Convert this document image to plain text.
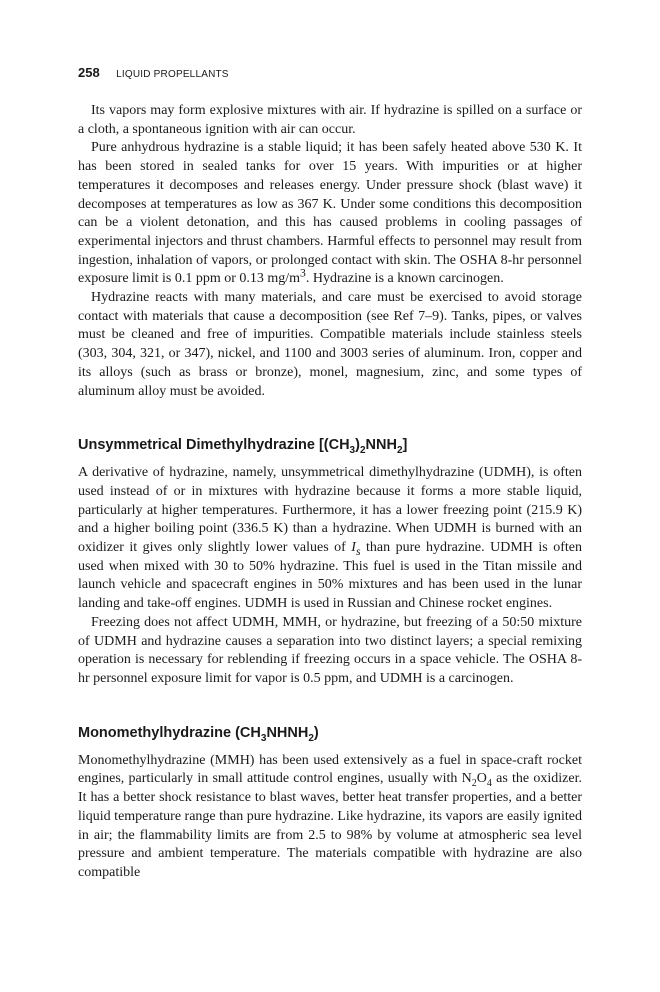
258 LIQUID PROPELLANTS

Its vapors may form explosive mixtures with air. If hydrazine is spilled on a surface or a cloth, a spontaneous ignition with air can occur.

Pure anhydrous hydrazine is a stable liquid; it has been safely heated above 530 K. It has been stored in sealed tanks for over 15 years. With impurities or at higher temperatures it decomposes and releases energy. Under pressure shock (blast wave) it decomposes at temperatures as low as 367 K. Under some conditions this decomposition can be a violent detonation, and this has caused problems in cooling passages of experimental injectors and thrust chambers. Harmful effects to personnel may result from ingestion, inhalation of vapors, or prolonged contact with skin. The OSHA 8-hr personnel exposure limit is 0.1 ppm or 0.13 $mg/m^3$. Hydrazine is a known carcinogen.

Hydrazine reacts with many materials, and care must be exercised to avoid storage contact with materials that cause a decomposition (see Ref 7–9). Tanks, pipes, or valves must be cleaned and free of impurities. Compatible materials include stainless steels (303, 304, 321, or 347), nickel, and 1100 and 3003 series of aluminum. Iron, copper and its alloys (such as brass or bronze), monel, magnesium, zinc, and some types of aluminum alloy must be avoided.

Unsymmetrical Dimethylhydrazine $[(CH_3)_2NNH_2]$

A derivative of hydrazine, namely, unsymmetrical dimethylhydrazine (UDMH), is often used instead of or in mixtures with hydrazine because it forms a more stable liquid, particularly at higher temperatures. Furthermore, it has a lower freezing point (215.9 K) and a higher boiling point (336.5 K) than a hydrazine. When UDMH is burned with an oxidizer it gives only slightly lower values of $I_s$ than pure hydrazine. UDMH is often used when mixed with 30 to 50% hydrazine. This fuel is used in the Titan missile and launch vehicle and spacecraft engines in 50% mixtures and has been used in the lunar landing and take-off engines. UDMH is used in Russian and Chinese rocket engines.

Freezing does not affect UDMH, MMH, or hydrazine, but freezing of a 50:50 mixture of UDMH and hydrazine causes a separation into two distinct layers; a special remixing operation is necessary for reblending if freezing occurs in a space vehicle. The OSHA 8-hr personnel exposure limit for vapor is 0.5 ppm, and UDMH is a carcinogen.

Monomethylhydrazine $(CH_3NHNH_2)$

Monomethylhydrazine (MMH) has been used extensively as a fuel in space-craft rocket engines, particularly in small attitude control engines, usually with $N_2O_4$ as the oxidizer. It has a better shock resistance to blast waves, better heat transfer properties, and a better liquid temperature range than pure hydrazine. Like hydrazine, its vapors are easily ignited in air; the flammability limits are from 2.5 to 98% by volume at atmospheric sea level pressure and ambient temperature. The materials compatible with hydrazine are also compatible
